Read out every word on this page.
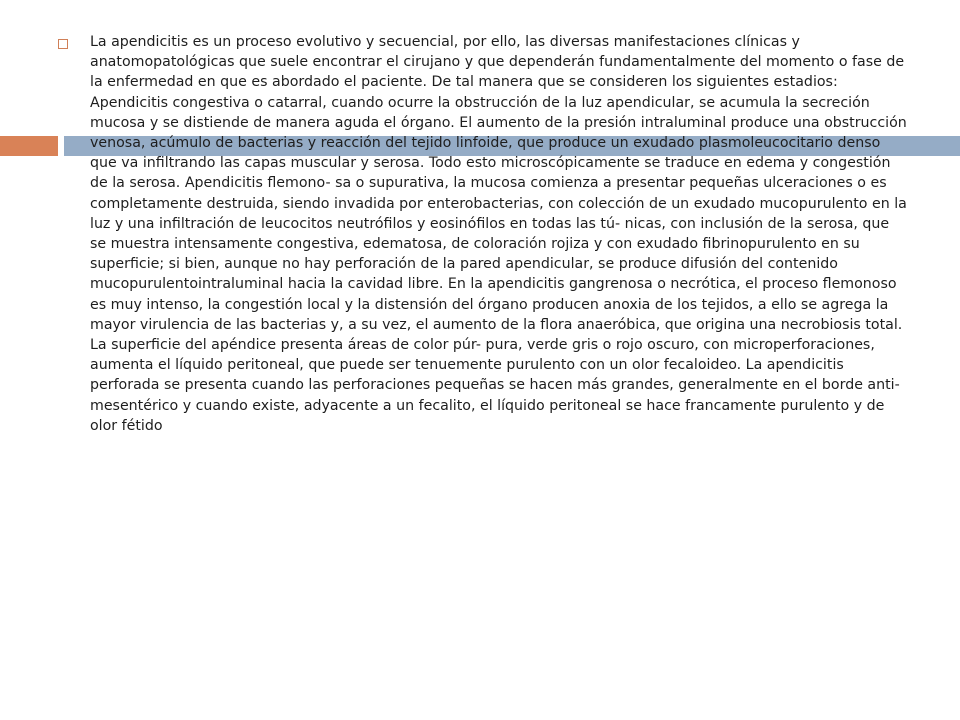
La apendicitis es un proceso evolutivo y secuencial, por ello, las diversas manifestaciones clínicas y anatomopatológicas que suele encontrar el cirujano y que dependerán fundamentalmente del momento o fase de la enfermedad en que es abordado el paciente. De tal manera que se consideren los siguientes estadios: Apendicitis congestiva o catarral, cuando ocurre la obstrucción de la luz apendicular, se acumula la secreción mucosa y se distiende de manera aguda el órgano. El aumento de la presión intraluminal produce una obstrucción venosa, acúmulo de bacterias y reacción del tejido linfoide, que produce un exudado plasmoleucocitario denso que va infiltrando las capas muscular y serosa. Todo esto microscópicamente se traduce en edema y congestión de la serosa. Apendicitis flemono- sa o supurativa, la mucosa comienza a presentar pequeñas ulceraciones o es completamente destruida, siendo invadida por enterobacterias, con colección de un exudado mucopurulento en la luz y una infiltración de leucocitos neutrófilos y eosinófilos en todas las tú- nicas, con inclusión de la serosa, que se muestra intensamente congestiva, edematosa, de coloración rojiza y con exudado fibrinopurulento en su superficie; si bien, aunque no hay perforación de la pared apendicular, se produce difusión del contenido mucopurulentointraluminal hacia la cavidad libre. En la apendicitis gangrenosa o necrótica, el proceso flemonoso es muy intenso, la congestión local y la distensión del órgano producen anoxia de los tejidos, a ello se agrega la mayor virulencia de las bacterias y, a su vez, el aumento de la flora anaeróbica, que origina una necrobiosis total. La superficie del apéndice presenta áreas de color púr- pura, verde gris o rojo oscuro, con microperforaciones, aumenta el líquido peritoneal, que puede ser tenuemente purulento con un olor fecaloideo. La apendicitis perforada se presenta cuando las perforaciones pequeñas se hacen más grandes, generalmente en el borde anti- mesentérico y cuando existe, adyacente a un fecalito, el líquido peritoneal se hace francamente purulento y de olor fétido
